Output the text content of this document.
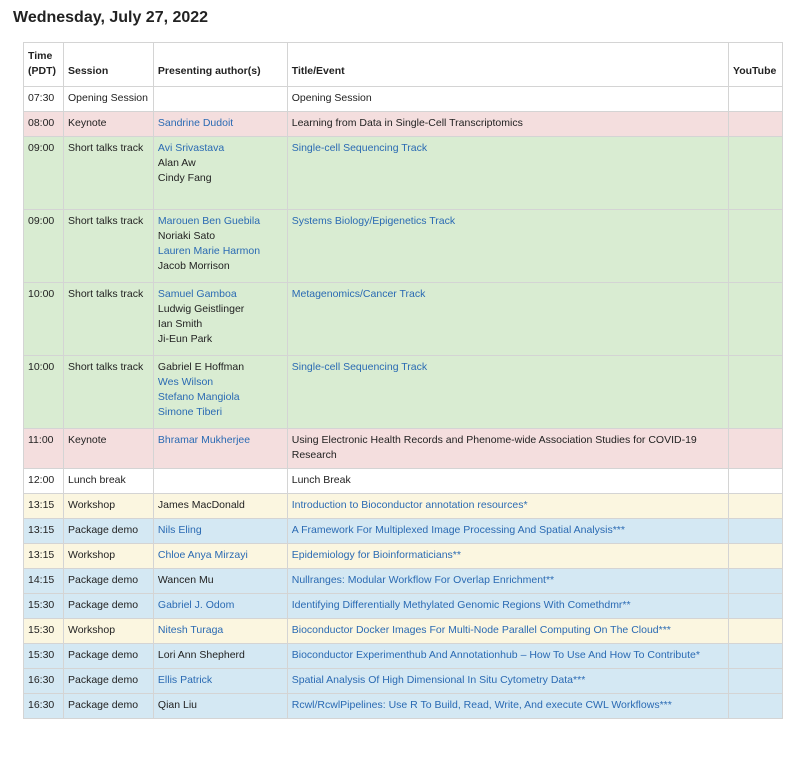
Wednesday, July 27, 2022
Time (PDT)	Session	Presenting author(s)	Title/Event	YouTube
07:30	Opening Session		Opening Session	
08:00	Keynote	Sandrine Dudoit	Learning from Data in Single-Cell Transcriptomics	
09:00	Short talks track	Avi Srivastava
Alan Aw
Cindy Fang	Single-cell Sequencing Track	
09:00	Short talks track	Marouen Ben Guebila
Noriaki Sato
Lauren Marie Harmon
Jacob Morrison	Systems Biology/Epigenetics Track	
10:00	Short talks track	Samuel Gamboa
Ludwig Geistlinger
Ian Smith
Ji-Eun Park	Metagenomics/Cancer Track	
10:00	Short talks track	Gabriel E Hoffman
Wes Wilson
Stefano Mangiola
Simone Tiberi	Single-cell Sequencing Track	
11:00	Keynote	Bhramar Mukherjee	Using Electronic Health Records and Phenome-wide Association Studies for COVID-19 Research	
12:00	Lunch break		Lunch Break	
13:15	Workshop	James MacDonald	Introduction to Bioconductor annotation resources*	
13:15	Package demo	Nils Eling	A Framework For Multiplexed Image Processing And Spatial Analysis***	
13:15	Workshop	Chloe Anya Mirzayi	Epidemiology for Bioinformaticians**	
14:15	Package demo	Wancen Mu	Nullranges: Modular Workflow For Overlap Enrichment**	
15:30	Package demo	Gabriel J. Odom	Identifying Differentially Methylated Genomic Regions With Comethdmr**	
15:30	Workshop	Nitesh Turaga	Bioconductor Docker Images For Multi-Node Parallel Computing On The Cloud***	
15:30	Package demo	Lori Ann Shepherd	Bioconductor Experimenthub And Annotationhub – How To Use And How To Contribute*	
16:30	Package demo	Ellis Patrick	Spatial Analysis Of High Dimensional In Situ Cytometry Data***	
16:30	Package demo	Qian Liu	Rcwl/RcwlPipelines: Use R To Build, Read, Write, And execute CWL Workflows***	
